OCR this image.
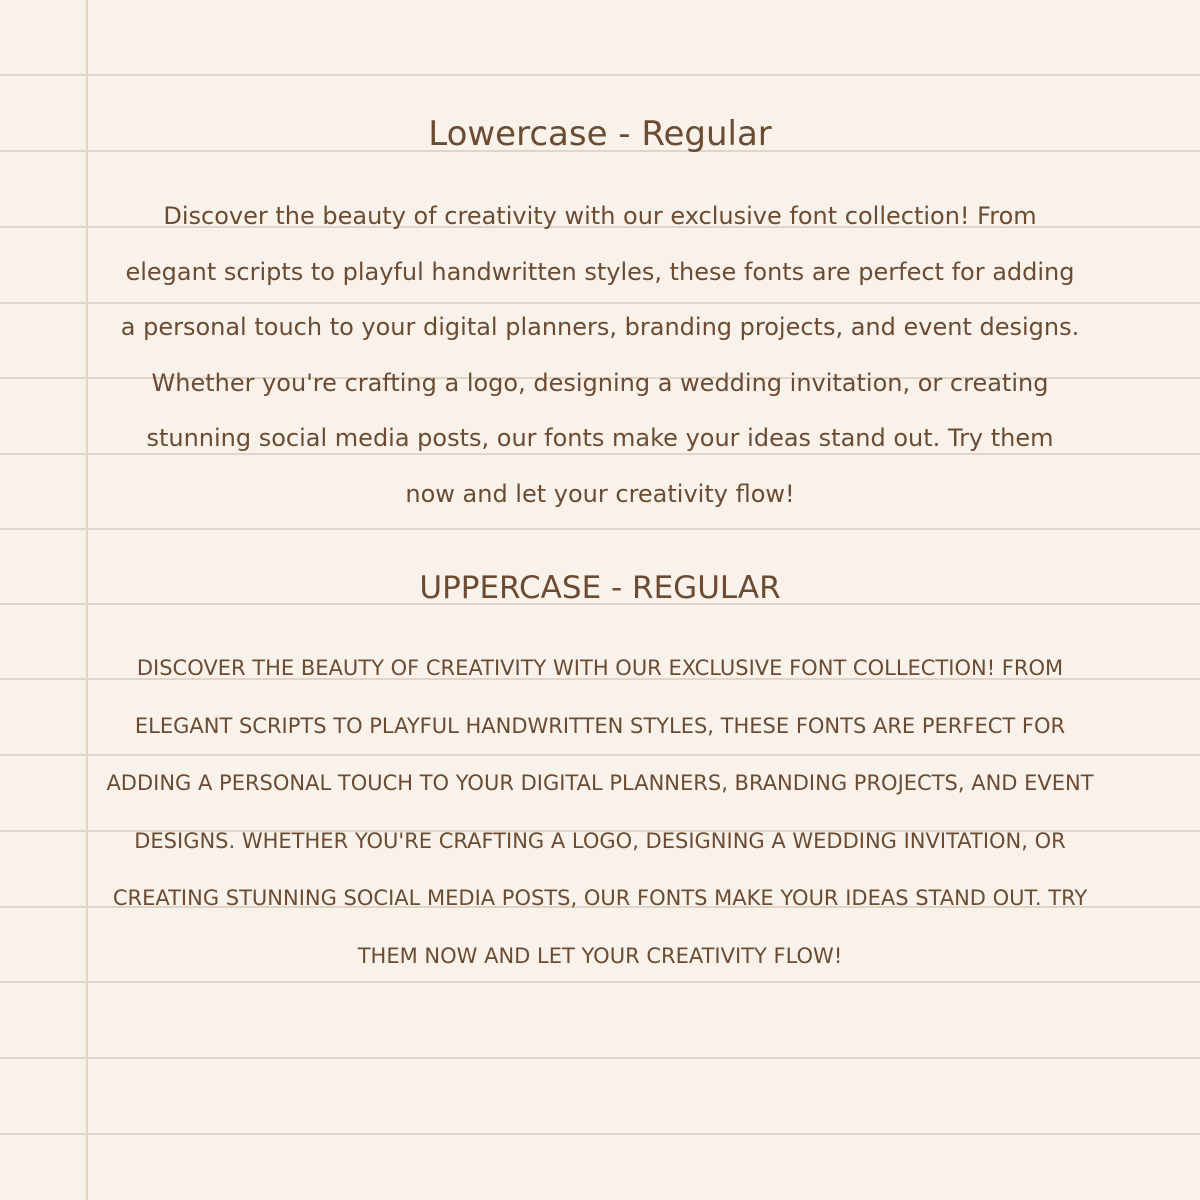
Lowercase - Regular
Discover the beauty of creativity with our exclusive font collection! From elegant scripts to playful handwritten styles, these fonts are perfect for adding a personal touch to your digital planners, branding projects, and event designs. Whether you're crafting a logo, designing a wedding invitation, or creating stunning social media posts, our fonts make your ideas stand out. Try them now and let your creativity flow!
UPPERCASE - REGULAR
DISCOVER THE BEAUTY OF CREATIVITY WITH OUR EXCLUSIVE FONT COLLECTION! FROM ELEGANT SCRIPTS TO PLAYFUL HANDWRITTEN STYLES, THESE FONTS ARE PERFECT FOR ADDING A PERSONAL TOUCH TO YOUR DIGITAL PLANNERS, BRANDING PROJECTS, AND EVENT DESIGNS. WHETHER YOU'RE CRAFTING A LOGO, DESIGNING A WEDDING INVITATION, OR CREATING STUNNING SOCIAL MEDIA POSTS, OUR FONTS MAKE YOUR IDEAS STAND OUT. TRY THEM NOW AND LET YOUR CREATIVITY FLOW!
